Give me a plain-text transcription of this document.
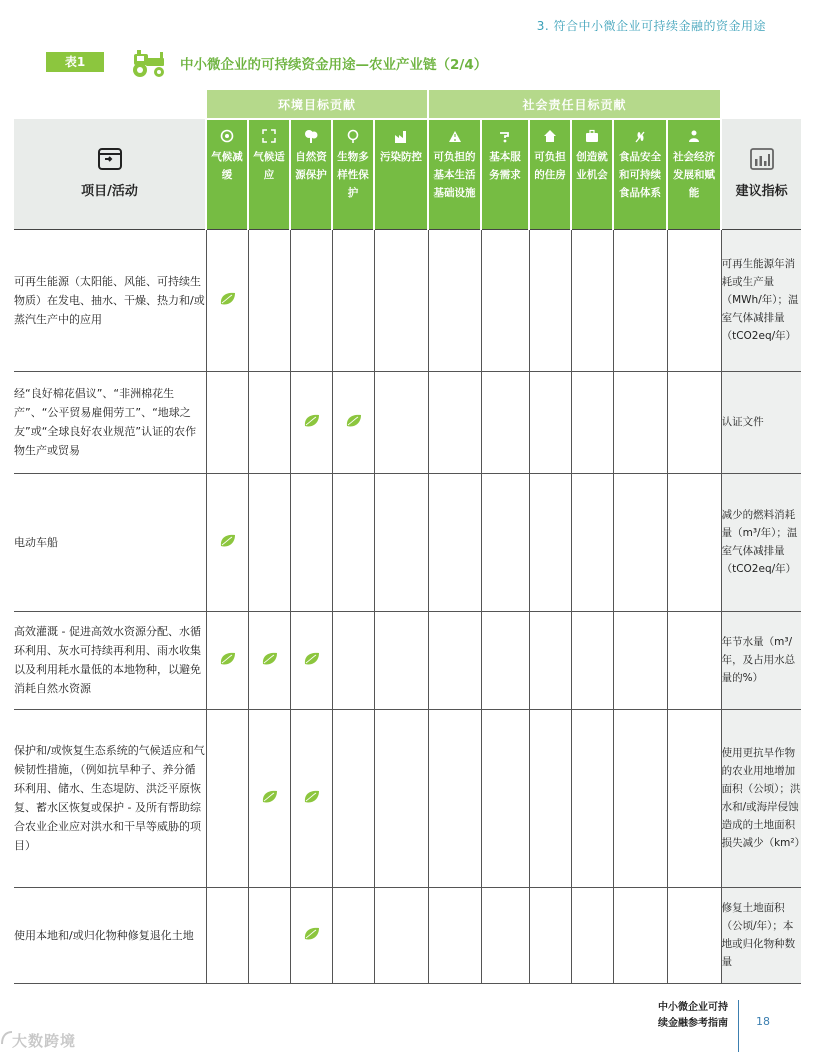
3. 符合中小微企业可持续金融的资金用途
表1	中小微企业的可持续资金用途—农业产业链（2/4）
	环境目标贡献					社会责任目标贡献						

项目/活动	气候减缓	气候适应	自然资源保护	生物多样性保护	污染防控	可负担的基本生活基础设施	基本服务需求	可负担的住房	创造就业机会	食品安全和可持续食品体系	社会经济发展和赋能	建议指标
可再生能源（太阳能、风能、可持续生物质）在发电、抽水、干燥、热力和/或蒸汽生产中的应用												可再生能源年消耗或生产量（MWh/年）；温室气体减排量（tCO2eq/年）
经“良好棉花倡议”、“非洲棉花生产”、“公平贸易雇佣劳工”、“地球之友”或“全球良好农业规范”认证的农作物生产或贸易												认证文件
电动车船												减少的燃料消耗量（m³/年）；温室气体减排量（tCO2eq/年）
高效灌溉 - 促进高效水资源分配、水循环利用、灰水可持续再利用、雨水收集以及利用耗水量低的本地物种，以避免消耗自然水资源												年节水量（m³/年，及占用水总量的%）
保护和/或恢复生态系统的气候适应和气候韧性措施，（例如抗旱种子、养分循环利用、储水、生态堤防、洪泛平原恢复、蓄水区恢复或保护 - 及所有帮助综合农业企业应对洪水和干旱等威胁的项目）												使用更抗旱作物的农业用地增加面积（公顷）；洪水和/或海岸侵蚀造成的土地面积损失减少（km²）
使用本地和/或归化物种修复退化土地												修复土地面积（公顷/年）；本地或归化物种数量
中小微企业可持续金融参考指南	18
大数跨境
